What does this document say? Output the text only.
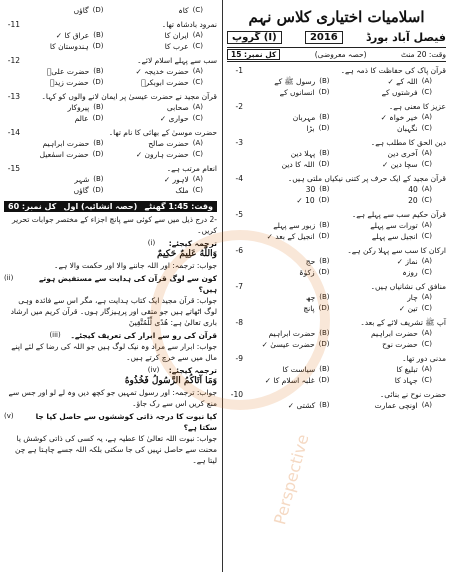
اسلامیات اختیاری کلاس نہم
فیصل آباد بورڈ
2016
گروپ (I)
وقت: 20 منٹ
(حصہ معروضی)
کل نمبر: 15
قرآن پاک کی حفاظت کا ذمہ ہے۔
-1
(A)
اللہ کے ✓
(B)
رسول ﷺ کے
(C)
فرشتوں کے
(D)
انسانوں کے
عزیز کا معنی ہے۔
-2
(A)
خیر خواہ ✓
(B)
مہربان
(C)
نگہبان
(D)
بڑا
دین الحق کا مطلب ہے۔
-3
(A)
آخری دین
(B)
پہلا دین
(C)
سچا دین ✓
(D)
اللہ کا دین
قرآن مجید کے ایک حرف پر کتنی نیکیاں ملتی ہیں۔
-4
(A)
40
(B)
30
(C)
20
(D)
10 ✓
قرآن حکیم سب سے پہلے ہے۔
-5
(A)
تورات سے پہلے
(B)
زبور سے پہلے
(C)
انجیل سے پہلے
(D)
انجیل کے بعد ✓
ارکان کا سب سے پہلا رکن ہے۔
-6
(A)
نماز ✓
(B)
حج
(C)
روزہ
(D)
زکوٰۃ
منافق کی نشانیاں ہیں۔
-7
(A)
چار
(B)
چھ
(C)
تین ✓
(D)
پانچ
آپ ﷺ تشریف لائے کے بعد۔
-8
(A)
حضرت ابراہیم
(B)
حضرت ابراہیم
(C)
حضرت نوح
(D)
حضرت عیسیٰ ✓
مدنی دور تھا۔
-9
(A)
تبلیغ کا
(B)
سیاست کا
(C)
جہاد کا
(D)
غلبہ اسلام کا ✓
حضرت نوح نے بنائی۔
-10
(A)
اونچی عمارت
(B)
کشتی ✓
(C)
کاہ
(D)
گاؤں
نمرود بادشاہ تھا۔
-11
(A)
ایران کا
(B)
عراق کا ✓
(C)
عرب کا
(D)
ہندوستان کا
سب سے پہلے اسلام لائے۔
-12
(A)
حضرت خدیجہ ✓
(B)
حضرت علیؓ
(C)
حضرت ابوبکرؓ
(D)
حضرت زیدؓ
قرآن مجید نے حضرت عیسیٰ پر ایمان لانے والوں کو کہا۔
-13
(A)
صحابی
(B)
پیروکار
(C)
حواری ✓
(D)
عالم
حضرت موسیٰ کے بھائی کا نام تھا۔
-14
(A)
حضرت صالح
(B)
حضرت ابراہیم
(C)
حضرت ہارون ✓
(D)
حضرت اسمٰعیل
انعام مرتب ہے۔
-15
(A)
لاہور ✓
(B)
شہر
(C)
ملک
(D)
گاؤں
وقت: 1:45 گھنٹے
(حصہ انشائیہ) اول
کل نمبر: 60
-2 درج ذیل میں سے کوئی سے پانچ اجزاء کے مختصر جوابات تحریر کریں۔
ترجمہ کیجئے:
(i)
وَاللّٰهُ عَلِيمٌ حَكِيمٌ
جواب: ترجمہ: اور اللہ جاننے والا اور حکمت والا ہے۔
کون سے لوگ قرآن کی ہدایت سے مستفیض ہوتے ہیں؟
(ii)
جواب: قرآن مجید ایک کتاب ہدایت ہے، مگر اس سے فائدہ وہی لوگ اٹھاتے ہیں جو متقی اور پرہیزگار ہوں۔ قرآن کریم میں ارشاد باری تعالیٰ ہے: هُدًى لِّلْمُتَّقِينَ
قرآن کی رو سے ابرار کی تعریف کیجئے۔
(iii)
جواب: ابرار سے مراد وہ نیک لوگ ہیں جو اللہ کی رضا کے لئے اپنے مال میں سے خرچ کرتے ہیں۔
ترجمہ کیجئے:
(iv)
وَمَا آتَاكُمُ الرَّسُولُ فَخُذُوهُ
جواب: ترجمہ: اور رسول تمہیں جو کچھ دیں وہ لے لو اور جس سے منع کریں اس سے رک جاؤ۔
کیا نبوت کا درجہ ذاتی کوششوں سے حاصل کیا جا سکتا ہے؟
(v)
جواب: نبوت اللہ تعالیٰ کا عطیہ ہے، یہ کسی کی ذاتی کوشش یا محنت سے حاصل نہیں کی جا سکتی بلکہ اللہ جسے چاہتا ہے چن لیتا ہے۔	Perspective
